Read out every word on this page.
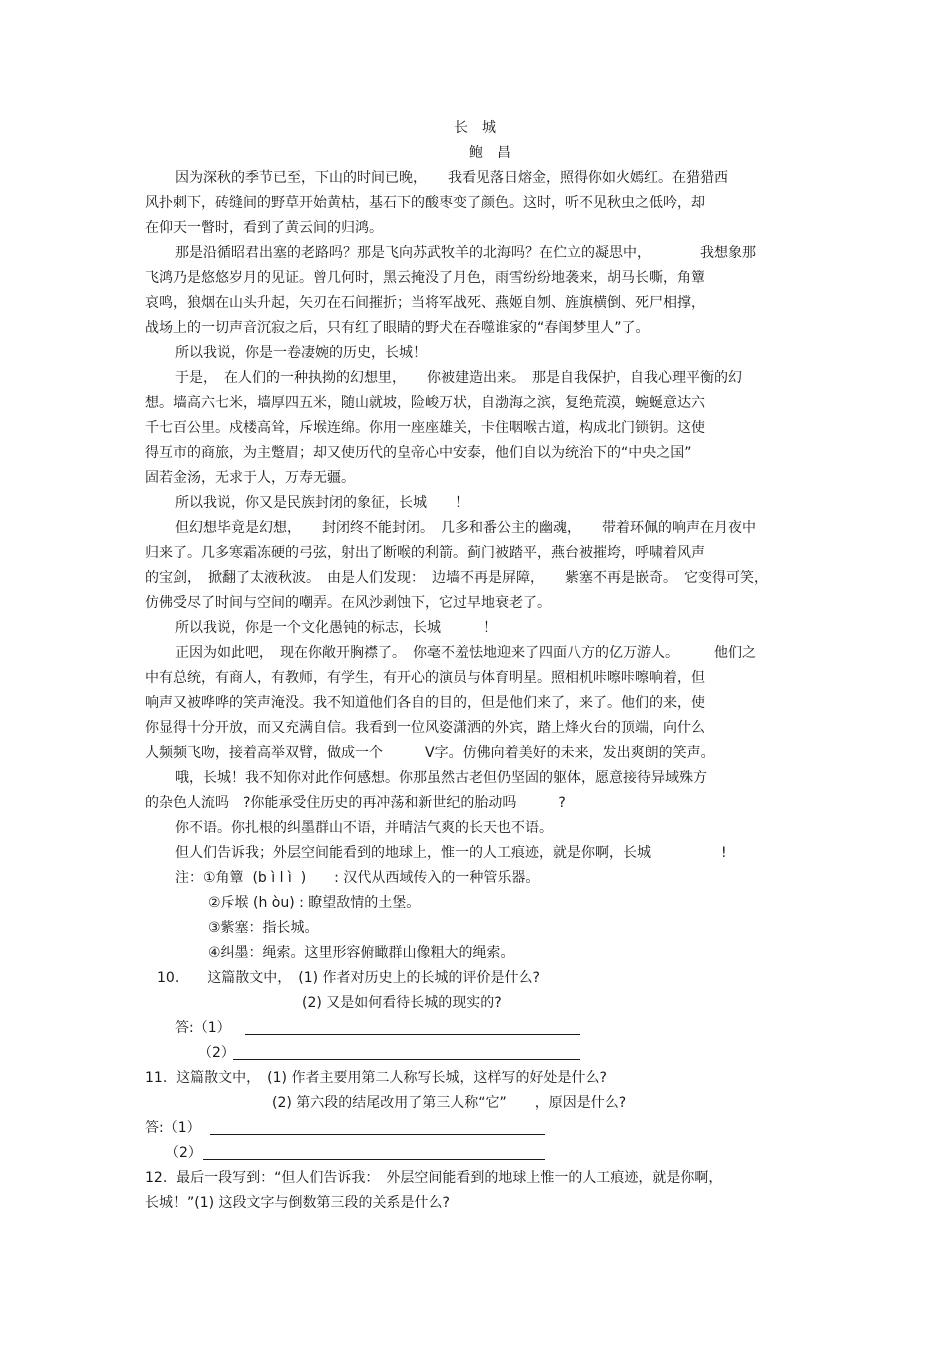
长　城
鲍　昌
因为深秋的季节已至，下山的时间已晚，　　我看见落日熔金，照得你如火嫣红。在猎猎西
风扑刺下，砖缝间的野草开始黄枯，基石下的酸枣变了颜色。这时，听不见秋虫之低吟，却
在仰天一瞥时，看到了黄云间的归鸿。
那是沿循昭君出塞的老路吗？那是飞向苏武牧羊的北海吗？在伫立的凝思中，　　　　我想象那
飞鸿乃是悠悠岁月的见证。曾几何时，黑云掩没了月色，雨雪纷纷地袭来，胡马长嘶，角簟
哀鸣，狼烟在山头升起，矢刃在石间摧折；当将军战死、燕姬自刎、旌旗横倒、死尸相撑，
战场上的一切声音沉寂之后，只有红了眼睛的野犬在吞噬谁家的“春闺梦里人”了。
所以我说，你是一卷凄婉的历史，长城！
于是，　在人们的一种执拗的幻想里，　　你被建造出来。　那是自我保护，自我心理平衡的幻
想。墙高六七米，墙厚四五米，随山就坡，险峻万状，自渤海之滨，复绝荒漠，蜿蜒意达六
千七百公里。戍楼高耸，斥堠连绵。你用一座座雄关，卡住咽喉古道，构成北门锁钥。这使
得互市的商旅，为主蹩眉；却又使历代的皇帝心中安泰，他们自以为统治下的“中央之国”
固若金汤，无求于人，万寿无疆。
所以我说，你又是民族封闭的象征，长城　　！
但幻想毕竟是幻想，　　封闭终不能封闭。　几多和番公主的幽魂，　　带着环佩的响声在月夜中
归来了。几多寒霜冻硬的弓弦，射出了断喉的利箭。蓟门被踏平，燕台被摧垮，呼啸着风声
的宝剑，　掀翻了太液秋波。　由是人们发现：　边墙不再是屏障，　　紫塞不再是嵌奇。　它变得可笑，
仿佛受尽了时间与空间的嘲弄。在风沙剥蚀下，它过早地衰老了。
所以我说，你是一个文化愚钝的标志，长城　　　！
正因为如此吧，　现在你敞开胸襟了。　你毫不羞怯地迎来了四面八方的亿万游人。　　　他们之
中有总统，有商人，有教师，有学生，有开心的演员与体育明星。照相机咔嚓咔嚓响着，但
响声又被哗哗的笑声淹没。我不知道他们各自的目的，但是他们来了，来了。他们的来，使
你显得十分开放，而又充满自信。我看到一位风姿潇洒的外宾，踏上烽火台的顶端，向什么
人频频飞吻，接着高举双臂，做成一个　　　V字。仿佛向着美好的未来，发出爽朗的笑声。
哦，长城！我不知你对此作何感想。你那虽然古老但仍坚固的躯体，愿意接待异域殊方
的杂色人流吗　?你能承受住历史的再冲荡和新世纪的胎动吗　　　?
你不语。你扎根的纠墨群山不语，并晴洁气爽的长天也不语。
但人们告诉我；外层空间能看到的地球上，惟一的人工痕迹，就是你啊，长城　　　　　!
注：①角簟  (b ì l ì  )　　: 汉代从西域传入的一种管乐器。
②斥堠 (h òu) : 瞭望敌情的土堡。
③紫塞：指长城。
④纠墨：绳索。这里形容俯瞰群山像粗大的绳索。
10.　　这篇散文中，　(1) 作者对历史上的长城的评价是什么?
(2) 又是如何看待长城的现实的?
答:（1）
（2）
11.  这篇散文中，　(1) 作者主要用第二人称写长城，这样写的好处是什么?
(2) 第六段的结尾改用了第三人称“它”　　，原因是什么?
答:（1）
（2）
12.  最后一段写到：“但人们告诉我：　外层空间能看到的地球上惟一的人工痕迹，就是你啊，
长城！”(1) 这段文字与倒数第三段的关系是什么?
